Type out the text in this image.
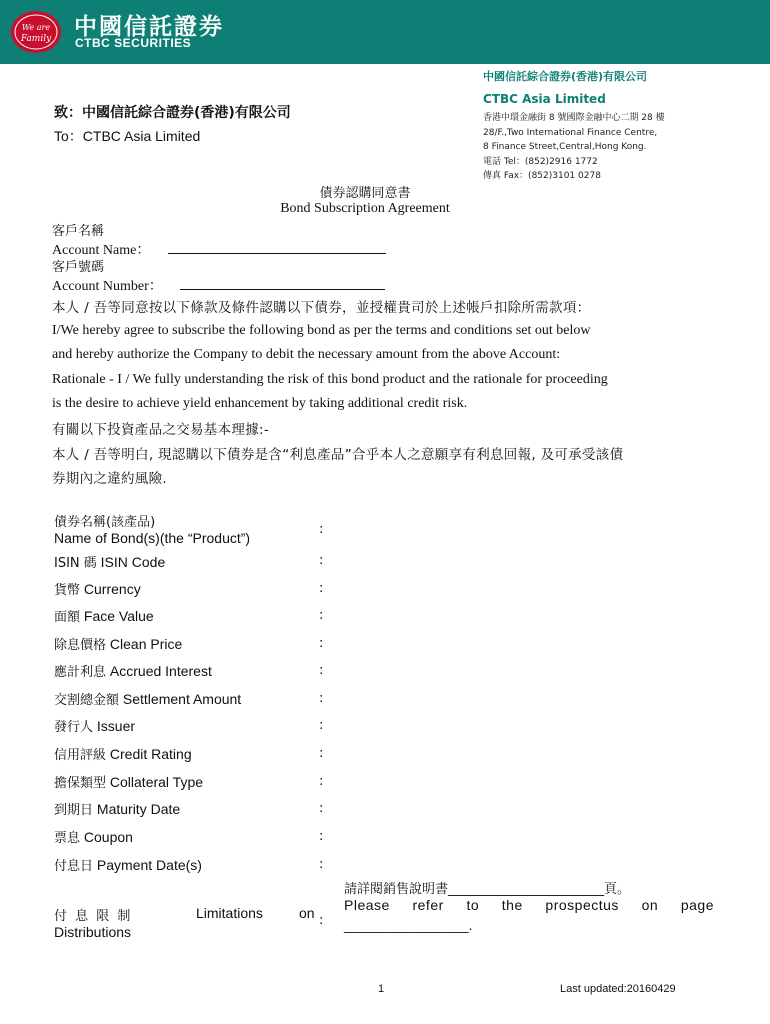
We are
Family 中國信託證券
CTBC SECURITIES
中國信託綜合證券(香港)有限公司
CTBC Asia Limited
香港中環金融街 8 號國際金融中心二期 28 樓
28/F.,Two International Finance Centre,
8 Finance Street,Central,Hong Kong.
電話 Tel：(852)2916 1772
傳真 Fax：(852)3101 0278
致：中國信託綜合證券(香港)有限公司
To：CTBC Asia Limited
債券認購同意書
Bond Subscription Agreement
客戶名稱
Account Name：
客戶號碼
Account Number：
本人 / 吾等同意按以下條款及條件認購以下債券，並授權貴司於上述帳戶扣除所需款項：
I/We hereby agree to subscribe the following bond as per the terms and conditions set out below
and hereby authorize the Company to debit the necessary amount from the above Account:
Rationale - I / We fully understanding the risk of this bond product and the rationale for proceeding
is the desire to achieve yield enhancement by taking additional credit risk.
有關以下投資產品之交易基本理據:-
本人 / 吾等明白, 現認購以下債券是含“利息產品”合乎本人之意願享有利息回報, 及可承受該債
券期內之違約風險.
債券名稱(該產品)
Name of Bond(s)(the “Product”)
:
ISIN 碼 ISIN Code	:
貨幣 Currency	:
面額 Face Value	:
除息價格 Clean Price	:
應計利息 Accrued Interest	:
交割總金額 Settlement Amount	:
發行人 Issuer	:
信用評級 Credit Rating	:
擔保類型 Collateral Type	:
到期日 Maturity Date	:
票息 Coupon	:
付息日 Payment Date(s)	:
付 息 限 制	Limitations	on
Distributions
:
請詳閱銷售說明書________________________頁。
Please refer to the prospectus on page
________________.
1	Last updated:20160429
